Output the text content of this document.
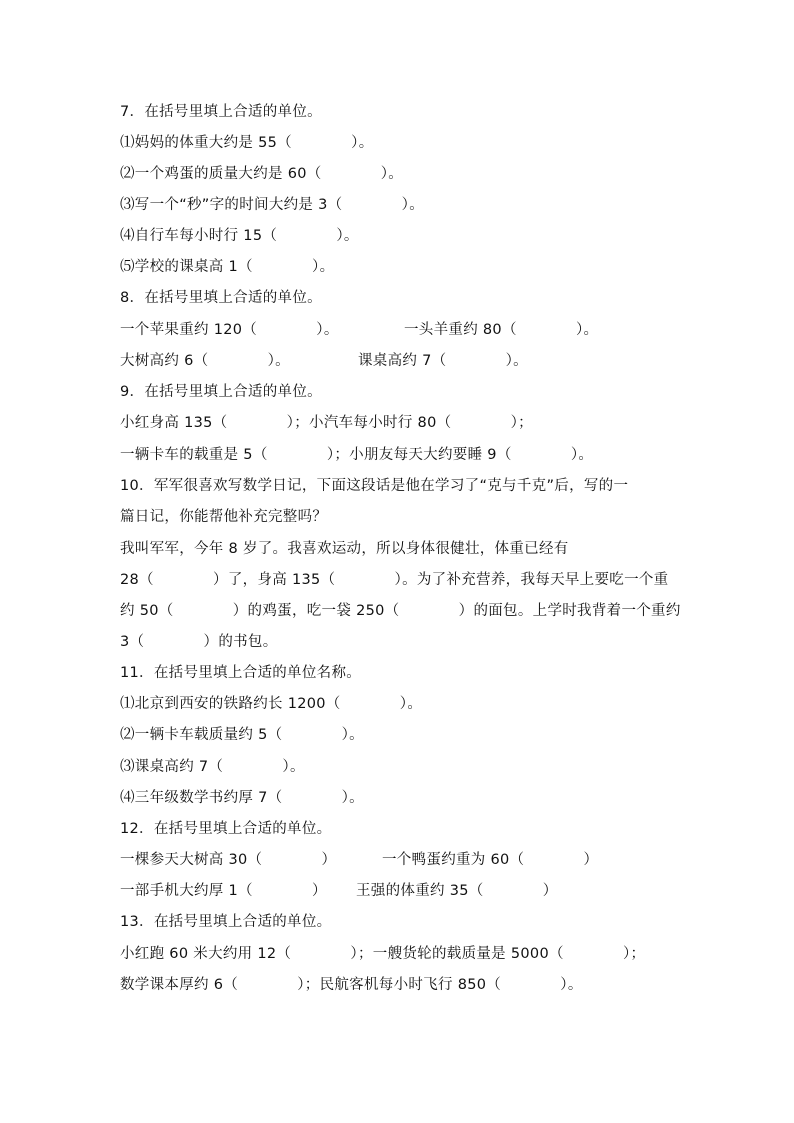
7．在括号里填上合适的单位。
⑴妈妈的体重大约是 55（　　　　）。
⑵一个鸡蛋的质量大约是 60（　　　　）。
⑶写一个“秒”字的时间大约是 3（　　　　）。
⑷自行车每小时行 15（　　　　）。
⑸学校的课桌高 1（　　　　）。
8．在括号里填上合适的单位。
一个苹果重约 120（　　　　）。	一头羊重约 80（　　　　）。
大树高约 6（　　　　）。	课桌高约 7（　　　　）。
9．在括号里填上合适的单位。
小红身高 135（　　　　）；小汽车每小时行 80（　　　　）；
一辆卡车的载重是 5（　　　　）；小朋友每天大约要睡 9（　　　　）。
10．军军很喜欢写数学日记，下面这段话是他在学习了“克与千克”后，写的一
篇日记，你能帮他补充完整吗？
我叫军军，今年 8 岁了。我喜欢运动，所以身体很健壮，体重已经有
28（　　　　）了，身高 135（　　　　）。为了补充营养，我每天早上要吃一个重
约 50（　　　　）的鸡蛋，吃一袋 250（　　　　）的面包。上学时我背着一个重约
3（　　　　）的书包。
11．在括号里填上合适的单位名称。
⑴北京到西安的铁路约长 1200（　　　　）。
⑵一辆卡车载质量约 5（　　　　）。
⑶课桌高约 7（　　　　）。
⑷三年级数学书约厚 7（　　　　）。
12．在括号里填上合适的单位。
一棵参天大树高 30（　　　　）	一个鸭蛋约重为 60（　　　　）
一部手机大约厚 1（　　　　） 王强的体重约 35（　　　　）
13．在括号里填上合适的单位。
小红跑 60 米大约用 12（　　　　）；一艘货轮的载质量是 5000（　　　　）；
数学课本厚约 6（　　　　）；民航客机每小时飞行 850（　　　　）。
